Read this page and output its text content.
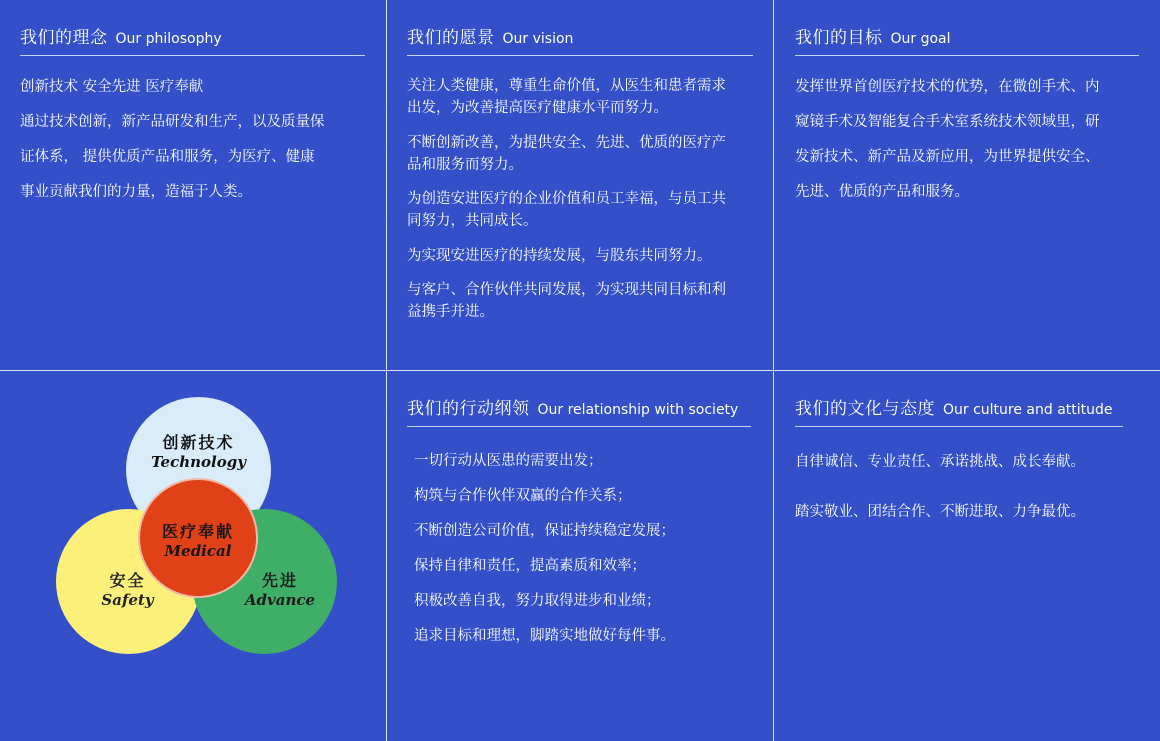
我们的理念 Our philosophy

创新技术 安全先进 医疗奉献

通过技术创新，新产品研发和生产，以及质量保

证体系， 提供优质产品和服务，为医疗、健康

事业贡献我们的力量，造福于人类。

我们的愿景 Our vision

关注人类健康，尊重生命价值，从医生和患者需求出发，为改善提高医疗健康水平而努力。

不断创新改善，为提供安全、先进、优质的医疗产品和服务而努力。

为创造安进医疗的企业价值和员工幸福，与员工共同努力，共同成长。

为实现安进医疗的持续发展，与股东共同努力。

与客户、合作伙伴共同发展，为实现共同目标和利益携手并进。

我们的目标 Our goal

发挥世界首创医疗技术的优势，在微创手术、内

窥镜手术及智能复合手术室系统技术领域里，研

发新技术、新产品及新应用，为世界提供安全、

先进、优质的产品和服务。

创新技术
Technology
医疗奉献
Medical
安全
Safety
先进
Advance
我们的行动纲领 Our relationship with society

一切行动从医患的需要出发；

构筑与合作伙伴双赢的合作关系；

不断创造公司价值，保证持续稳定发展；

保持自律和责任，提高素质和效率；

积极改善自我，努力取得进步和业绩；

追求目标和理想，脚踏实地做好每件事。

我们的文化与态度 Our culture and attitude

自律诚信、专业责任、承诺挑战、成长奉献。

踏实敬业、团结合作、不断进取、力争最优。
